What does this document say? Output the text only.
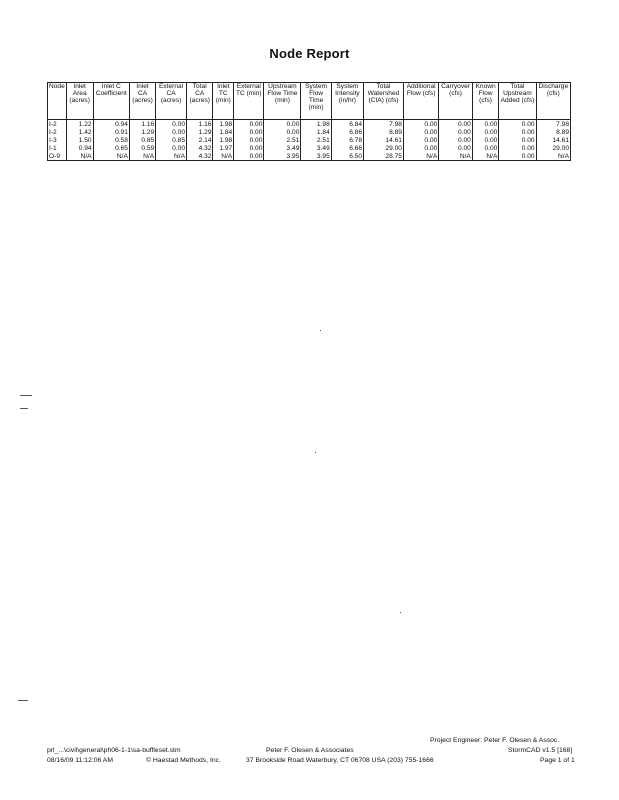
Node Report
Node	Inlet Area (acres)	Inlet C Coefficient	Inlet CA (acres)	External CA (acres)	Total CA (acres)	Inlet TC (min)	External TC (min)	Upstream Flow Time (min)	System Flow Time (min)	System Intensity (in/hr)	Total Watershed (CIA) (cfs)	Additional Flow (cfs)	Carryover (cfs)	Known Flow (cfs)	Total Upstream Added (cfs)	Discharge (cfs)
I-2	1.22	0.94	1.16	0.00	1.16	1.98	0.00	0.00	1.98	6.84	7.98	0.00	0.00	0.00	0.00	7.98
I-2	1.42	0.91	1.29	0.00	1.29	1.84	0.00	0.00	1.84	6.86	8.89	0.00	0.00	0.00	0.00	8.89
I-3	1.50	0.58	0.85	0.85	2.14	1.98	0.00	2.51	2.51	6.78	14.61	0.00	0.00	0.00	0.00	14.61
I-1	0.94	0.65	0.59	0.00	4.32	1.97	0.00	3.49	3.49	6.66	29.00	0.00	0.00	0.00	0.00	29.00
O-9	N/A	N/A	N/A	N/A	4.32	N/A	0.00	3.95	3.95	6.50	28.75	N/A	N/A	N/A	0.00	N/A
Project Engineer: Peter F. Olesen & Assoc.
prl_...\civil\general\ph06-1-1\sa-buffleset.stm	Peter F. Olesen & Associates	StormCAD v1.5 [168]
08/16/09 11:12:06 AM	© Haestad Methods, Inc.	37 Brookside Road Waterbury, CT 06708 USA (203) 755-1666	Page 1 of 1
